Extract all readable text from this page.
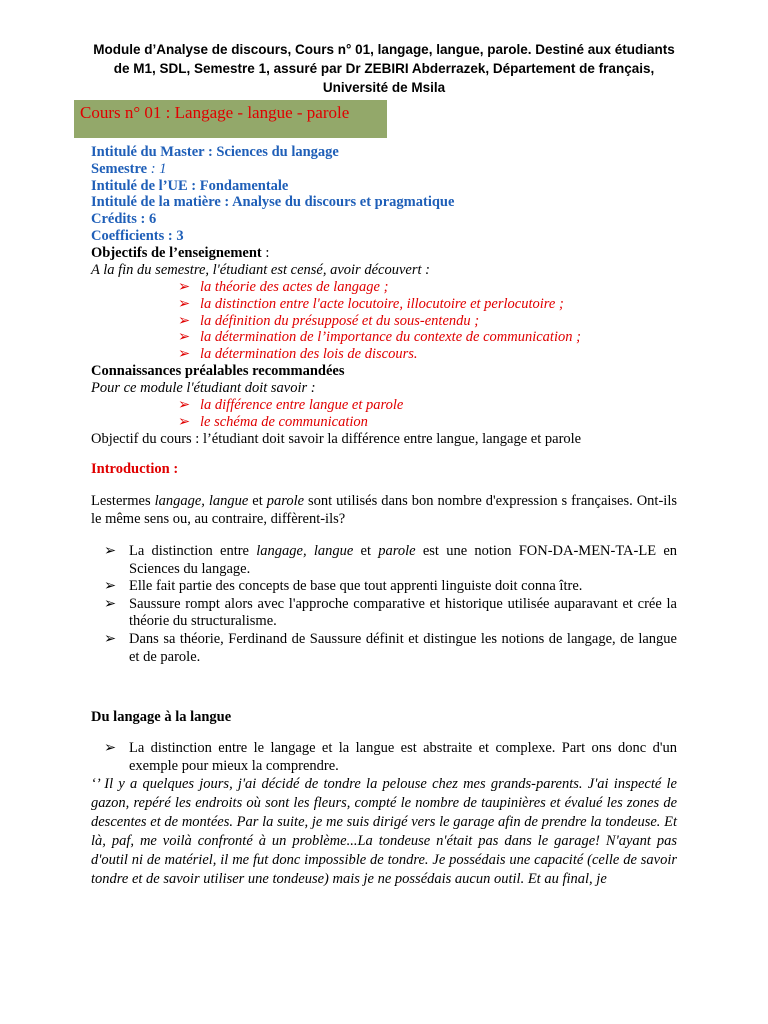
Module d’Analyse de discours, Cours n° 01, langage, langue, parole. Destiné aux étudiants
de M1, SDL, Semestre 1, assuré par Dr ZEBIRI Abderrazek, Département de français,
Université de Msila
Cours n° 01 : Langage - langue - parole
Intitulé du Master : Sciences du langage
Semestre : 1
Intitulé de l’UE : Fondamentale
Intitulé de la matière : Analyse du discours et pragmatique
Crédits : 6
Coefficients : 3
Objectifs de l’enseignement :
A la fin du semestre, l'étudiant est censé, avoir découvert :
➢ la théorie des actes de langage ;
➢ la distinction entre l'acte locutoire, illocutoire et perlocutoire ;
➢ la définition du présupposé et du sous-entendu ;
➢ la détermination de l’importance du contexte de communication ;
➢ la détermination des lois de discours.
Connaissances préalables recommandées
Pour ce module l'étudiant doit savoir :
➢ la différence entre langue et parole
➢ le schéma de communication
Objectif du cours : l’étudiant doit savoir la différence entre langue, langage et parole
Introduction :
Lestermes langage, langue et parole sont utilisés dans bon nombre d'expression s françaises. Ont-ils le même sens ou, au contraire, diffèrent-ils?
➢ La distinction entre langage, langue et parole est une notion FON-DA-MEN-TA-LE en Sciences du langage.
➢ Elle fait partie des concepts de base que tout apprenti linguiste doit conna ître.
➢ Saussure rompt alors avec l'approche comparative et historique utilisée auparavant et crée la théorie du structuralisme.
➢ Dans sa théorie, Ferdinand de Saussure définit et distingue les notions de langage, de langue et de parole.
Du langage à la langue
➢ La distinction entre le langage et la langue est abstraite et complexe. Part ons donc d'un exemple pour mieux la comprendre.
‘’ Il y a quelques jours, j'ai décidé de tondre la pelouse chez mes grands-parents. J'ai inspecté le gazon, repéré les endroits où sont les fleurs, compté le nombre de taupinières et évalué les zones de descentes et de montées. Par la suite, je me suis dirigé vers le garage afin de prendre la tondeuse. Et là, paf, me voilà confronté à un problème...La tondeuse n'était pas dans le garage! N'ayant pas d'outil ni de matériel, il me fut donc impossible de tondre. Je possédais une capacité (celle de savoir tondre et de savoir utiliser une tondeuse) mais je ne possédais aucun outil. Et au final, je
